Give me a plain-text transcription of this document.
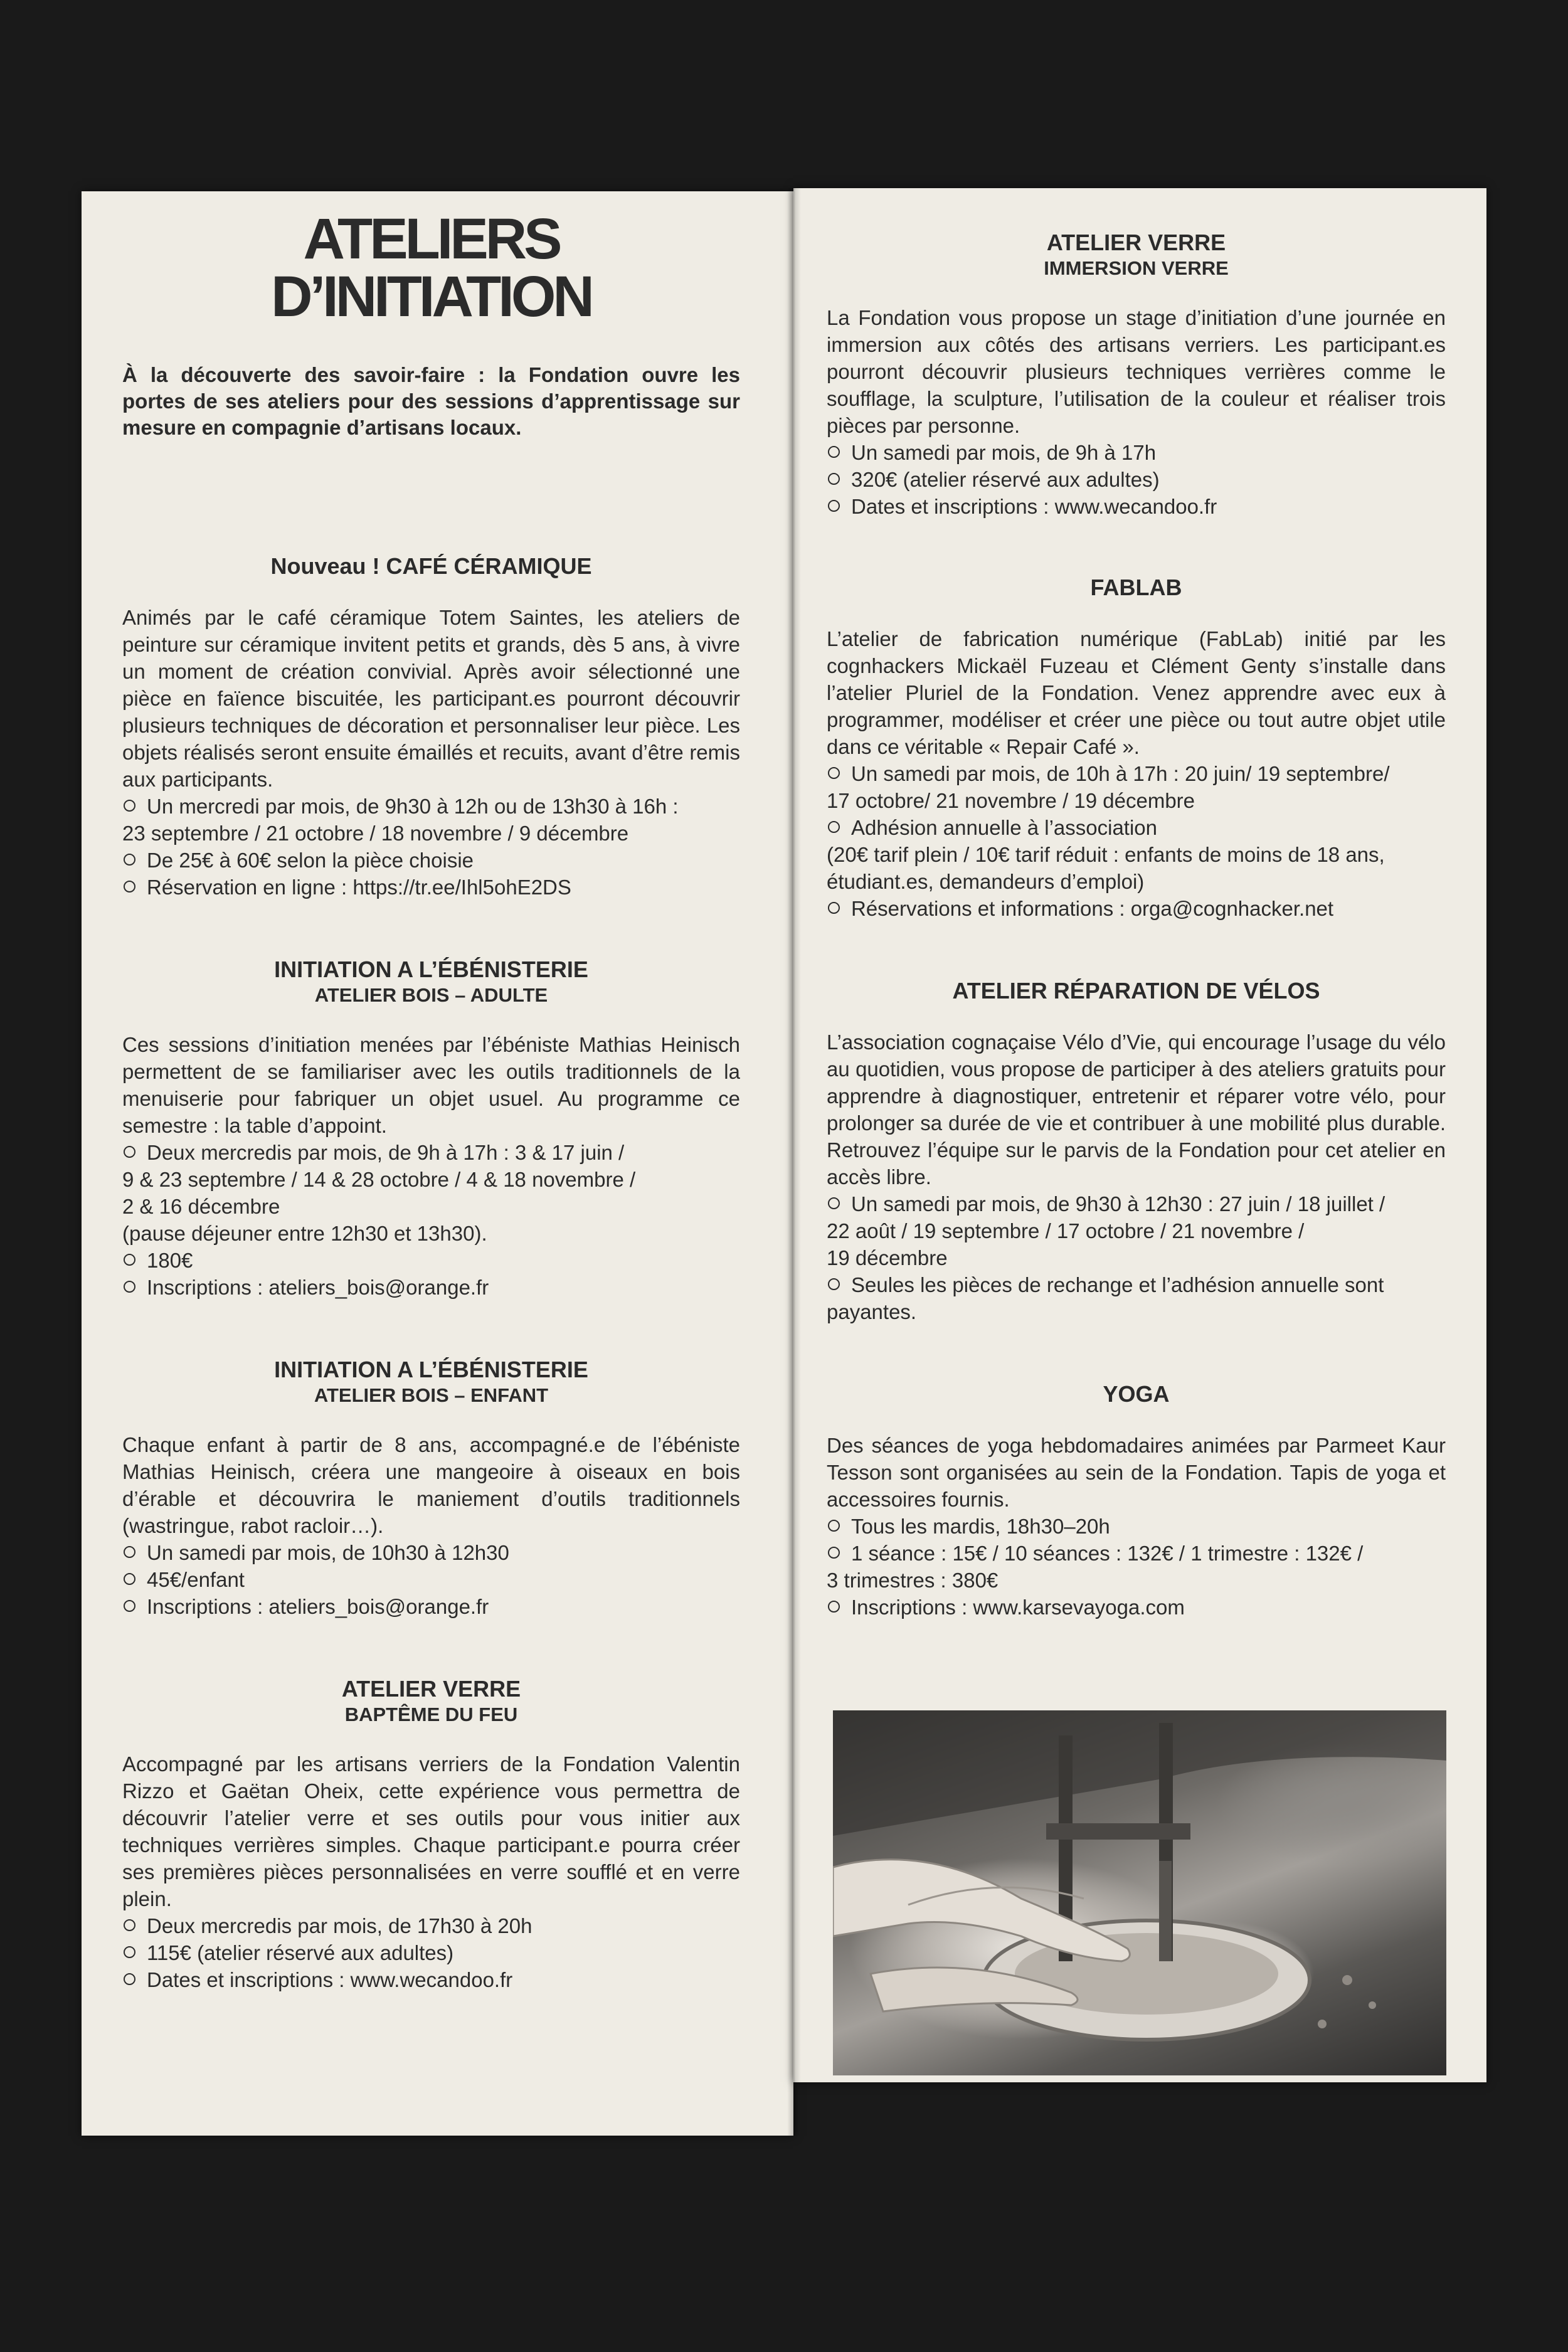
ATELIERS
D’INITIATION

À la découverte des savoir-faire : la Fondation ouvre les portes de ses ateliers pour des sessions d’apprentissage sur mesure en compagnie d’artisans locaux.

Nouveau ! CAFÉ CÉRAMIQUE

Animés par le café céramique Totem Saintes, les ateliers de peinture sur céramique invitent petits et grands, dès 5 ans, à vivre un moment de création convivial. Après avoir sélectionné une pièce en faïence biscuitée, les participant.es pourront découvrir plusieurs techniques de décoration et personnaliser leur pièce. Les objets réalisés seront ensuite émaillés et recuits, avant d’être remis aux participants.

Un mercredi par mois, de 9h30 à 12h ou de 13h30 à 16h :

23 septembre / 21 octobre / 18 novembre / 9 décembre

De 25€ à 60€ selon la pièce choisie

Réservation en ligne : https://tr.ee/Ihl5ohE2DS

INITIATION A L’ÉBÉNISTERIE

ATELIER BOIS – ADULTE

Ces sessions d’initiation menées par l’ébéniste Mathias Heinisch permettent de se familiariser avec les outils traditionnels de la menuiserie pour fabriquer un objet usuel. Au programme ce semestre : la table d’appoint.

Deux mercredis par mois, de 9h à 17h : 3 & 17 juin /

9 & 23 septembre / 14 & 28 octobre / 4 & 18 novembre /

2 & 16 décembre

(pause déjeuner entre 12h30 et 13h30).

180€

Inscriptions : ateliers_bois@orange.fr

INITIATION A L’ÉBÉNISTERIE

ATELIER BOIS – ENFANT

Chaque enfant à partir de 8 ans, accompagné.e de l’ébéniste Mathias Heinisch, créera une mangeoire à oiseaux en bois d’érable et découvrira le maniement d’outils traditionnels (wastringue, rabot racloir…).

Un samedi par mois, de 10h30 à 12h30

45€/enfant

Inscriptions : ateliers_bois@orange.fr

ATELIER VERRE

BAPTÊME DU FEU

Accompagné par les artisans verriers de la Fondation Valentin Rizzo et Gaëtan Oheix, cette expérience vous permettra de découvrir l’atelier verre et ses outils pour vous initier aux techniques verrières simples. Chaque participant.e pourra créer ses premières pièces personnalisées en verre soufflé et en verre plein.

Deux mercredis par mois, de 17h30 à 20h

115€ (atelier réservé aux adultes)

Dates et inscriptions : www.wecandoo.fr

ATELIER VERRE

IMMERSION VERRE

La Fondation vous propose un stage d’initiation d’une journée en immersion aux côtés des artisans verriers. Les participant.es pourront découvrir plusieurs techniques verrières comme le soufflage, la sculpture, l’utilisation de la couleur et réaliser trois pièces par personne.

Un samedi par mois, de 9h à 17h

320€ (atelier réservé aux adultes)

Dates et inscriptions : www.wecandoo.fr

FABLAB

L’atelier de fabrication numérique (FabLab) initié par les cognhackers Mickaël Fuzeau et Clément Genty s’installe dans l’atelier Pluriel de la Fondation. Venez apprendre avec eux à programmer, modéliser et créer une pièce ou tout autre objet utile dans ce véritable « Repair Café ».

Un samedi par mois, de 10h à 17h : 20 juin/ 19 septembre/

17 octobre/ 21 novembre / 19 décembre

Adhésion annuelle à l’association

(20€ tarif plein / 10€ tarif réduit : enfants de moins de 18 ans,

étudiant.es, demandeurs d’emploi)

Réservations et informations : orga@cognhacker.net

ATELIER RÉPARATION DE VÉLOS

L’association cognaçaise Vélo d’Vie, qui encourage l’usage du vélo au quotidien, vous propose de participer à des ateliers gratuits pour apprendre à diagnostiquer, entretenir et réparer votre vélo, pour prolonger sa durée de vie et contribuer à une mobilité plus durable. Retrouvez l’équipe sur le parvis de la Fondation pour cet atelier en accès libre.

Un samedi par mois, de 9h30 à 12h30 : 27 juin / 18 juillet /

22 août / 19 septembre / 17 octobre / 21 novembre /

19 décembre

Seules les pièces de rechange et l’adhésion annuelle sont

payantes.

YOGA

Des séances de yoga hebdomadaires animées par Parmeet Kaur Tesson sont organisées au sein de la Fondation. Tapis de yoga et accessoires fournis.

Tous les mardis, 18h30–20h

1 séance : 15€ / 10 séances : 132€ / 1 trimestre : 132€ /

3 trimestres : 380€

Inscriptions : www.karsevayoga.com
